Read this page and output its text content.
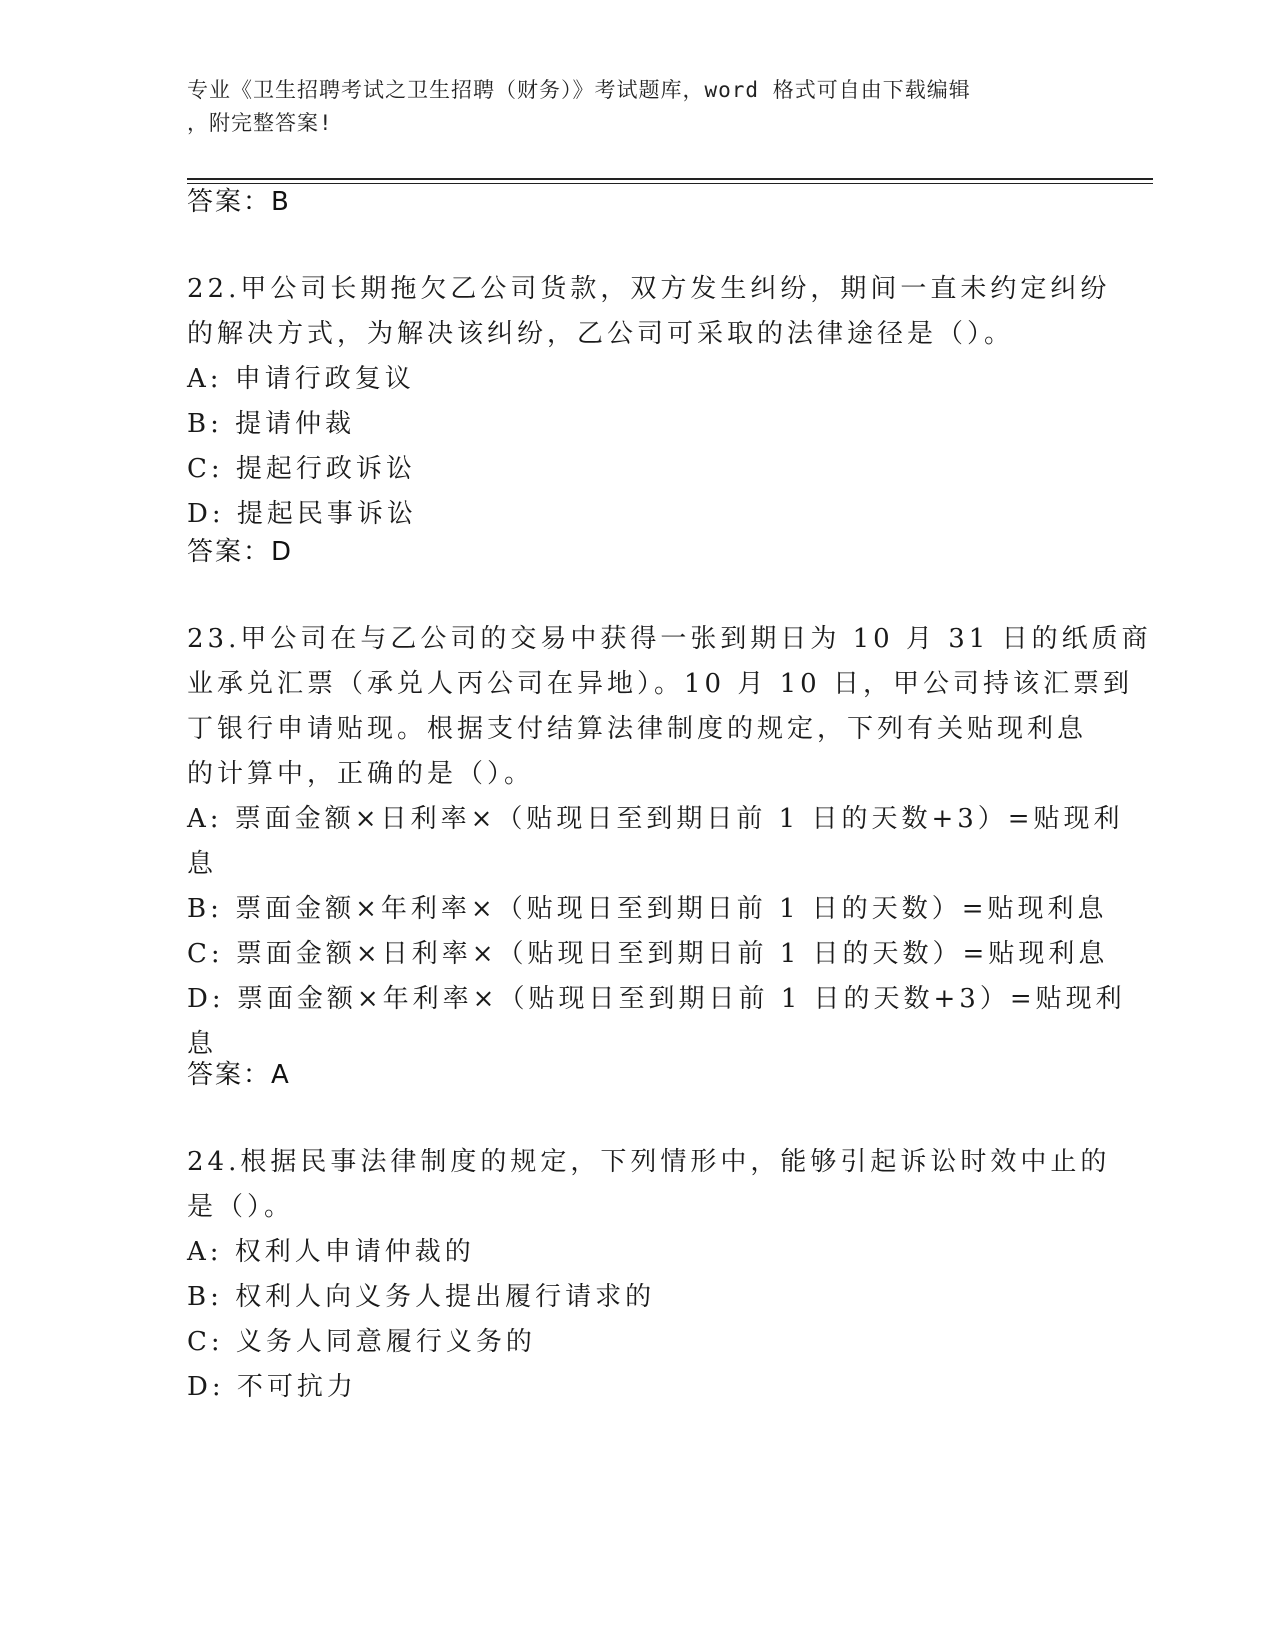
专业《卫生招聘考试之卫生招聘（财务）》考试题库，word 格式可自由下载编辑
，附完整答案!
答案：B
22.甲公司长期拖欠乙公司货款，双方发生纠纷，期间一直未约定纠纷
的解决方式，为解决该纠纷，乙公司可采取的法律途径是（）。
A: 申请行政复议
B: 提请仲裁
C: 提起行政诉讼
D: 提起民事诉讼
答案：D
23.甲公司在与乙公司的交易中获得一张到期日为 10 月 31 日的纸质商
业承兑汇票（承兑人丙公司在异地）。10 月 10 日，甲公司持该汇票到
丁银行申请贴现。根据支付结算法律制度的规定，下列有关贴现利息
的计算中，正确的是（）。
A: 票面金额×日利率×（贴现日至到期日前 1 日的天数+3）=贴现利
息
B: 票面金额×年利率×（贴现日至到期日前 1 日的天数）=贴现利息
C: 票面金额×日利率×（贴现日至到期日前 1 日的天数）=贴现利息
D: 票面金额×年利率×（贴现日至到期日前 1 日的天数+3）=贴现利
息
答案：A
24.根据民事法律制度的规定，下列情形中，能够引起诉讼时效中止的
是（）。
A: 权利人申请仲裁的
B: 权利人向义务人提出履行请求的
C: 义务人同意履行义务的
D: 不可抗力
